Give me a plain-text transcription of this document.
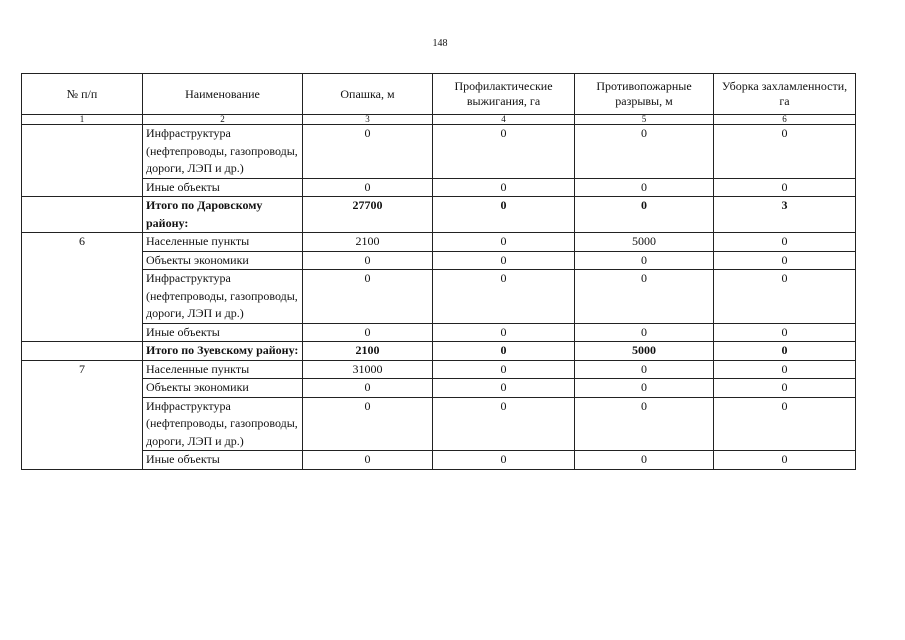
148
№ п/п	Наименование	Опашка, м	Профилактические выжигания, га	Противопожарные разрывы, м	Уборка захламленности, га
1	2	3	4	5	6
	Инфраструктура (нефтепроводы, газопроводы, дороги, ЛЭП и др.)	0	0	0	0
	Иные объекты	0	0	0	0
	Итого по Даровскому району:	27700	0	0	3
6	Населенные пункты	2100	0	5000	0
	Объекты экономики	0	0	0	0
	Инфраструктура (нефтепроводы, газопроводы, дороги, ЛЭП и др.)	0	0	0	0
	Иные объекты	0	0	0	0
	Итого по Зуевскому району:	2100	0	5000	0
7	Населенные пункты	31000	0	0	0
	Объекты экономики	0	0	0	0
	Инфраструктура (нефтепроводы, газопроводы, дороги, ЛЭП и др.)	0	0	0	0
	Иные объекты	0	0	0	0
